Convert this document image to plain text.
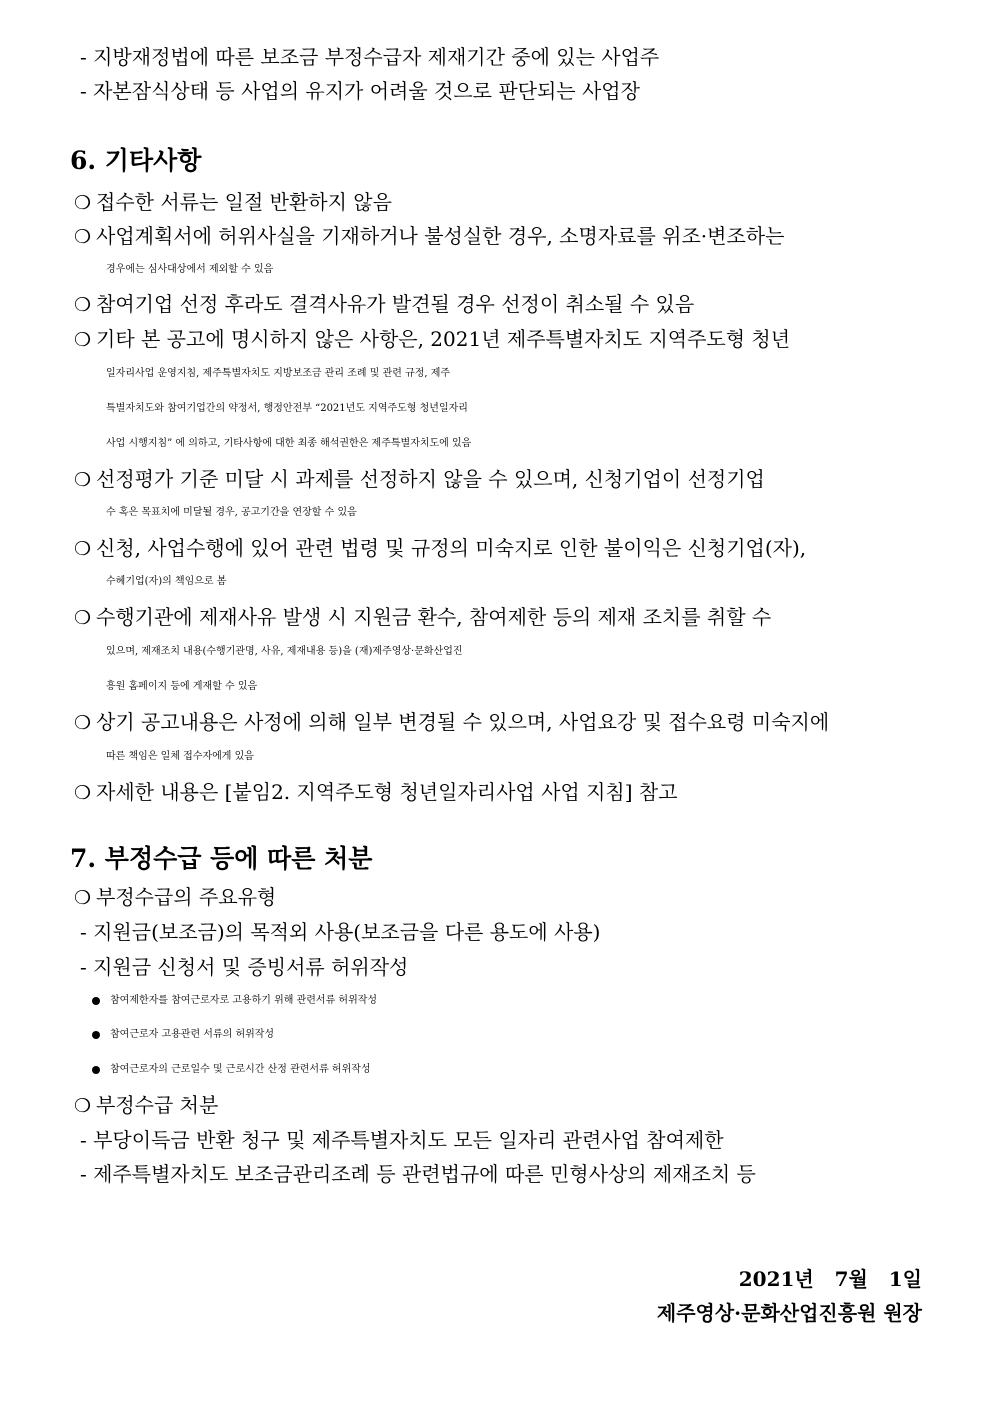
- 지방재정법에 따른 보조금 부정수급자 제재기간 중에 있는 사업주
- 자본잠식상태 등 사업의 유지가 어려울 것으로 판단되는 사업장
6. 기타사항
❍ 접수한 서류는 일절 반환하지 않음
❍ 사업계획서에 허위사실을 기재하거나 불성실한 경우, 소명자료를 위조·변조하는
경우에는 심사대상에서 제외할 수 있음
❍ 참여기업 선정 후라도 결격사유가 발견될 경우 선정이 취소될 수 있음
❍ 기타 본 공고에 명시하지 않은 사항은, 2021년 제주특별자치도 지역주도형 청년
일자리사업 운영지침, 제주특별자치도 지방보조금 관리 조례 및 관련 규정, 제주
특별자치도와 참여기업간의 약정서, 행정안전부 “2021년도 지역주도형 청년일자리
사업 시행지침” 에 의하고, 기타사항에 대한 최종 해석권한은 제주특별자치도에 있음
❍ 선정평가 기준 미달 시 과제를 선정하지 않을 수 있으며, 신청기업이 선정기업
수 혹은 목표치에 미달될 경우, 공고기간을 연장할 수 있음
❍ 신청, 사업수행에 있어 관련 법령 및 규정의 미숙지로 인한 불이익은 신청기업(자),
수혜기업(자)의 책임으로 봄
❍ 수행기관에 제재사유 발생 시 지원금 환수, 참여제한 등의 제재 조치를 취할 수
있으며, 제재조치 내용(수행기관명, 사유, 제재내용 등)을 (재)제주영상·문화산업진
흥원 홈페이지 등에 게재할 수 있음
❍ 상기 공고내용은 사정에 의해 일부 변경될 수 있으며, 사업요강 및 접수요령 미숙지에
따른 책임은 일체 접수자에게 있음
❍ 자세한 내용은 [붙임2. 지역주도형 청년일자리사업 사업 지침] 참고
7. 부정수급 등에 따른 처분
❍ 부정수급의 주요유형
- 지원금(보조금)의 목적외 사용(보조금을 다른 용도에 사용)
- 지원금 신청서 및 증빙서류 허위작성
참여제한자를 참여근로자로 고용하기 위해 관련서류 허위작성
참여근로자 고용관련 서류의 허위작성
참여근로자의 근로일수 및 근로시간 산정 관련서류 허위작성
❍ 부정수급 처분
- 부당이득금 반환 청구 및 제주특별자치도 모든 일자리 관련사업 참여제한
- 제주특별자치도 보조금관리조례 등 관련법규에 따른 민형사상의 제재조치 등
2021년   7월   1일
제주영상·문화산업진흥원 원장
